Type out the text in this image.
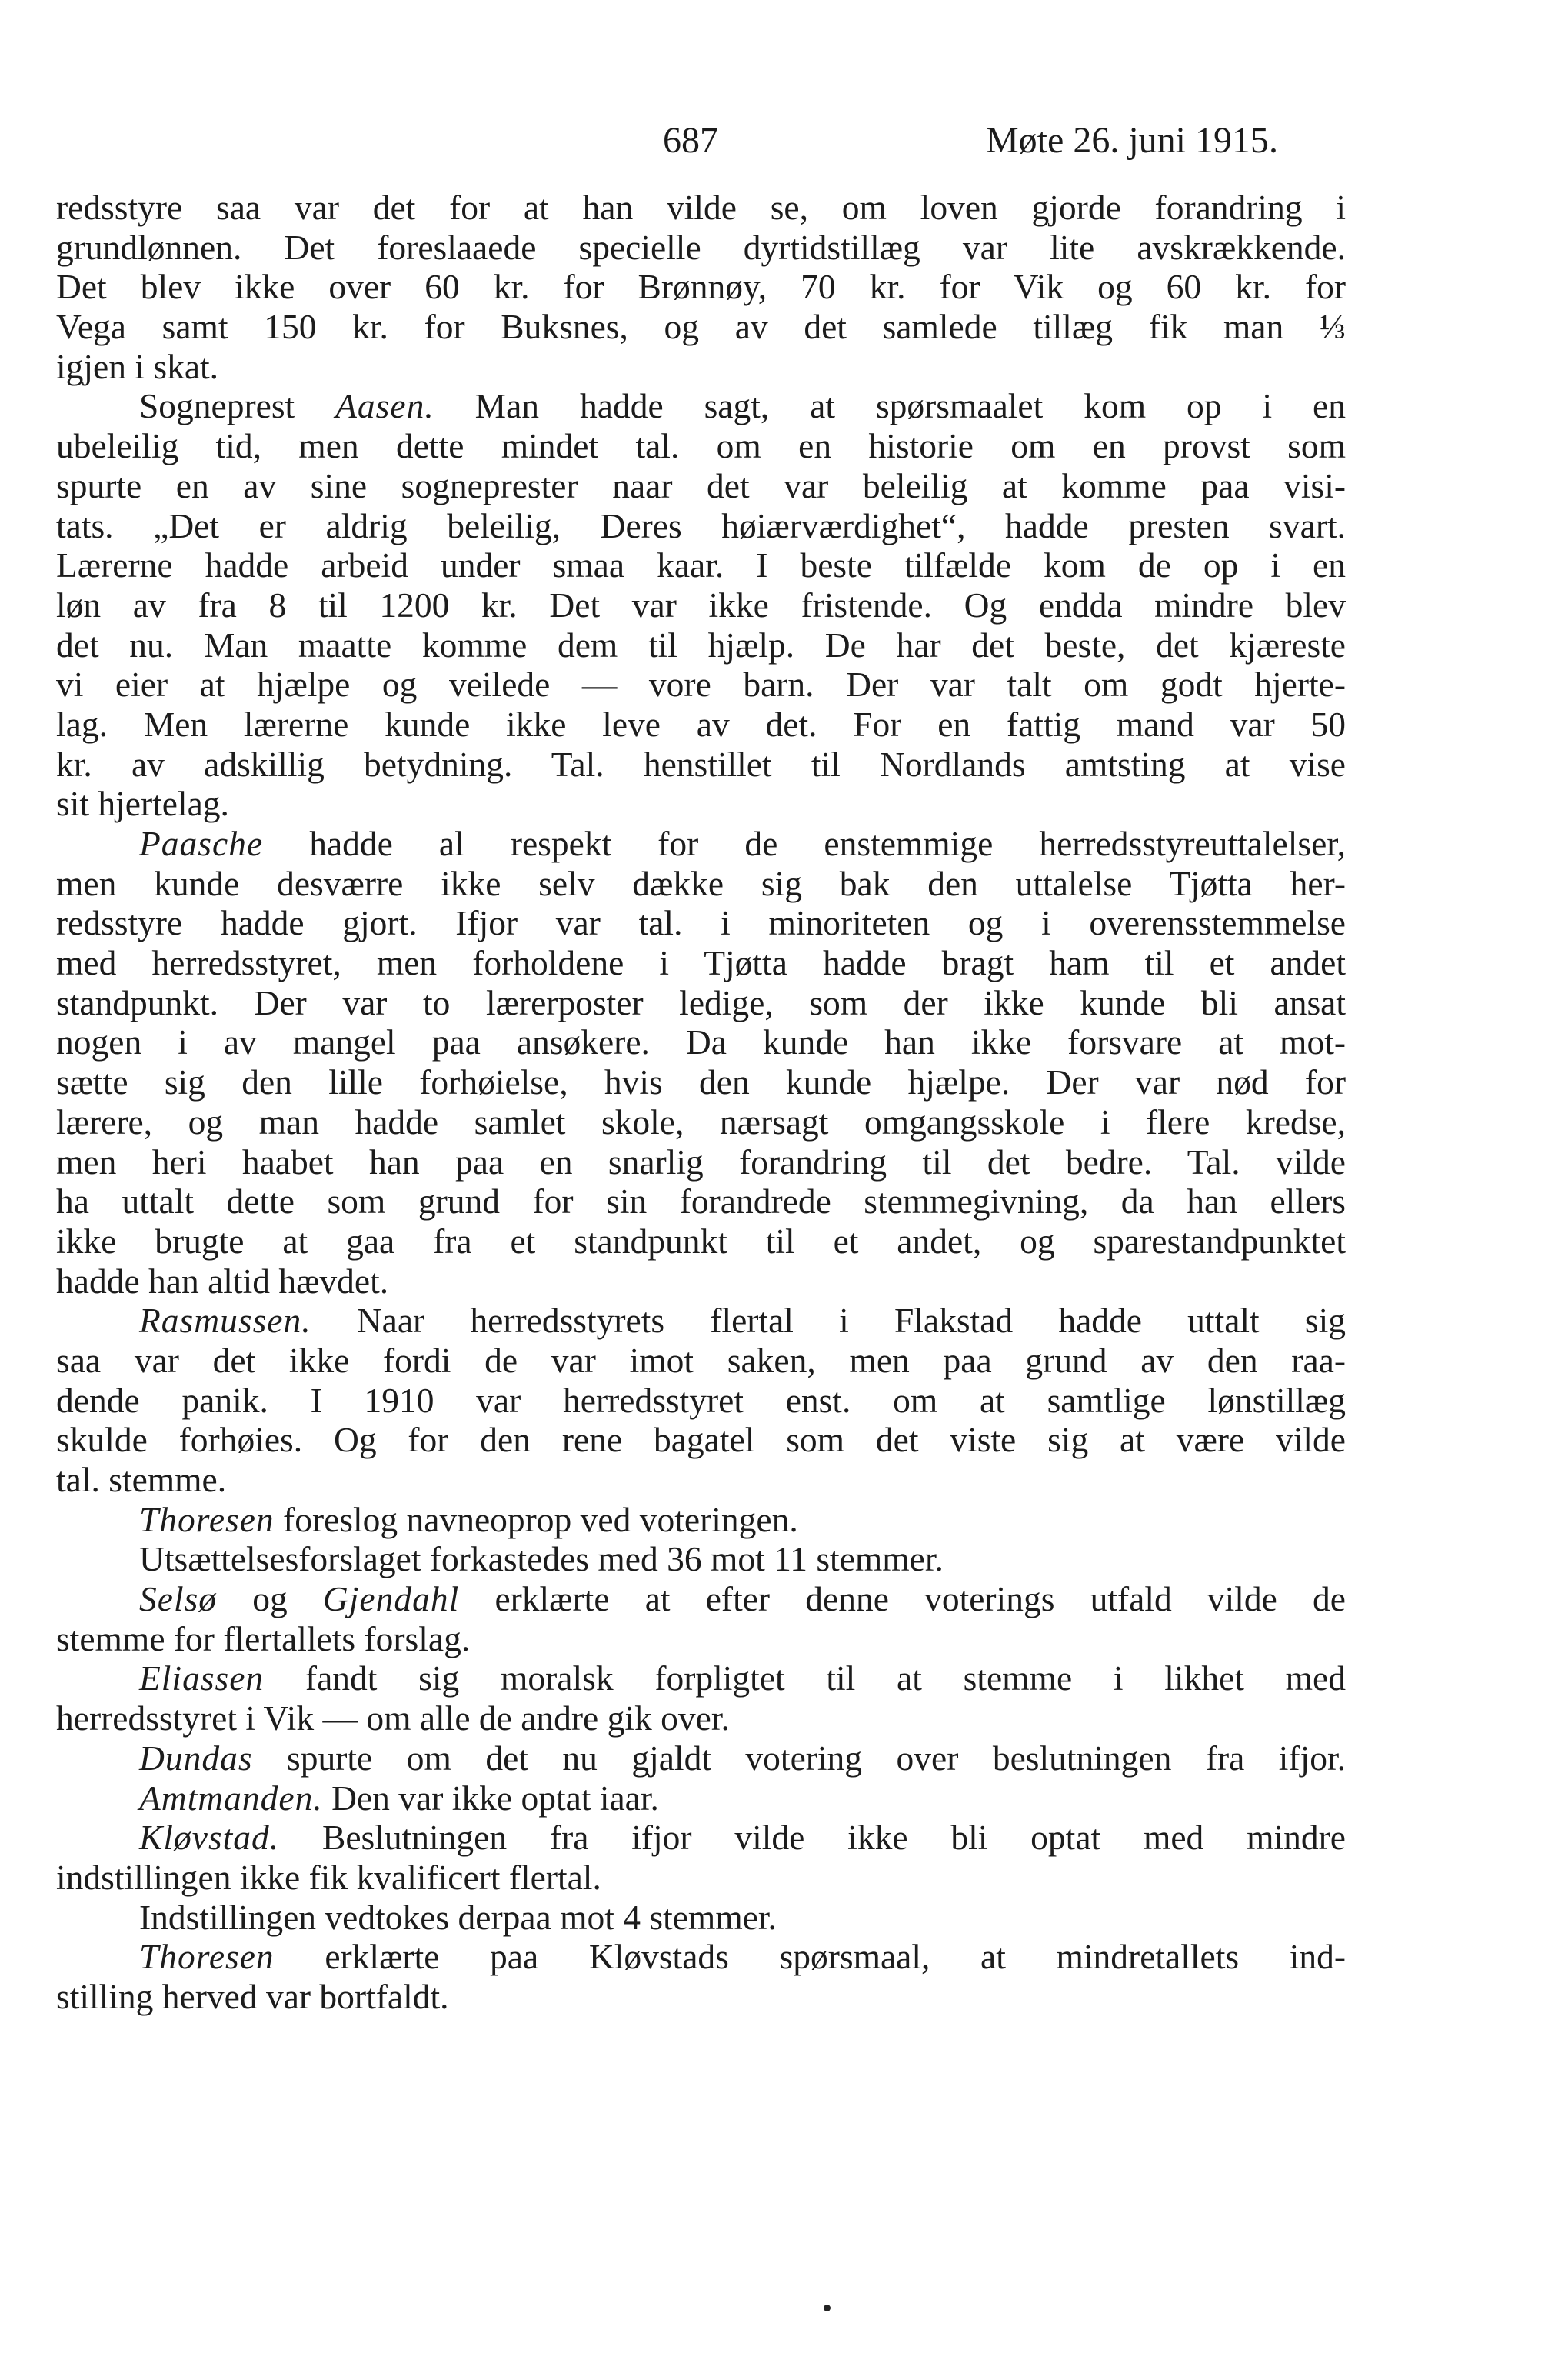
687	Møte 26. juni 1915.
redsstyre saa var det for at han vilde se, om loven gjorde forandring i
grundlønnen. Det foreslaaede specielle dyrtidstillæg var lite avskrækkende.
Det blev ikke over 60 kr. for Brønnøy, 70 kr. for Vik og 60 kr. for
Vega samt 150 kr. for Buksnes, og av det samlede tillæg fik man ⅓
igjen i skat.
Sogneprest Aasen. Man hadde sagt, at spørsmaalet kom op i en
ubeleilig tid, men dette mindet tal. om en historie om en provst som
spurte en av sine sogneprester naar det var beleilig at komme paa visi-
tats. „Det er aldrig beleilig, Deres høiærværdighet“, hadde presten svart.
Lærerne hadde arbeid under smaa kaar. I beste tilfælde kom de op i en
løn av fra 8 til 1200 kr. Det var ikke fristende. Og endda mindre blev
det nu. Man maatte komme dem til hjælp. De har det beste, det kjæreste
vi eier at hjælpe og veilede — vore barn. Der var talt om godt hjerte-
lag. Men lærerne kunde ikke leve av det. For en fattig mand var 50
kr. av adskillig betydning. Tal. henstillet til Nordlands amtsting at vise
sit hjertelag.
Paasche hadde al respekt for de enstemmige herredsstyreuttalelser,
men kunde desværre ikke selv dække sig bak den uttalelse Tjøtta her-
redsstyre hadde gjort. Ifjor var tal. i minoriteten og i overensstemmelse
med herredsstyret, men forholdene i Tjøtta hadde bragt ham til et andet
standpunkt. Der var to lærerposter ledige, som der ikke kunde bli ansat
nogen i av mangel paa ansøkere. Da kunde han ikke forsvare at mot-
sætte sig den lille forhøielse, hvis den kunde hjælpe. Der var nød for
lærere, og man hadde samlet skole, nærsagt omgangsskole i flere kredse,
men heri haabet han paa en snarlig forandring til det bedre. Tal. vilde
ha uttalt dette som grund for sin forandrede stemmegivning, da han ellers
ikke brugte at gaa fra et standpunkt til et andet, og sparestandpunktet
hadde han altid hævdet.
Rasmussen. Naar herredsstyrets flertal i Flakstad hadde uttalt sig
saa var det ikke fordi de var imot saken, men paa grund av den raa-
dende panik. I 1910 var herredsstyret enst. om at samtlige lønstillæg
skulde forhøies. Og for den rene bagatel som det viste sig at være vilde
tal. stemme.
Thoresen foreslog navneoprop ved voteringen.
Utsættelsesforslaget forkastedes med 36 mot 11 stemmer.
Selsø og Gjendahl erklærte at efter denne voterings utfald vilde de
stemme for flertallets forslag.
Eliassen fandt sig moralsk forpligtet til at stemme i likhet med
herredsstyret i Vik — om alle de andre gik over.
Dundas spurte om det nu gjaldt votering over beslutningen fra ifjor.
Amtmanden. Den var ikke optat iaar.
Kløvstad. Beslutningen fra ifjor vilde ikke bli optat med mindre
indstillingen ikke fik kvalificert flertal.
Indstillingen vedtokes derpaa mot 4 stemmer.
Thoresen erklærte paa Kløvstads spørsmaal, at mindretallets ind-
stilling herved var bortfaldt.
